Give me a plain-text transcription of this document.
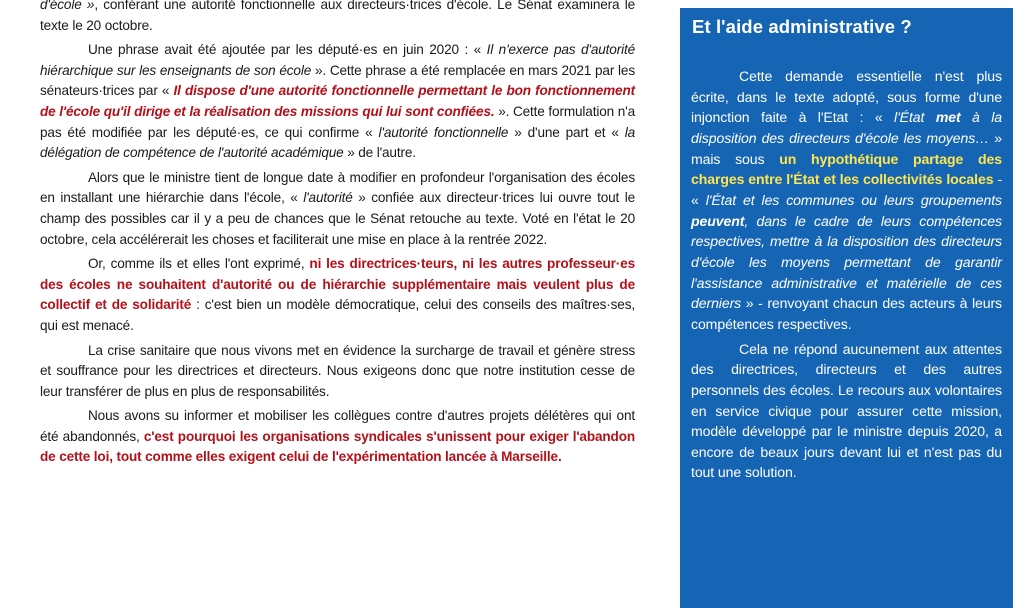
d'école », conférant une autorité fonctionnelle aux directeurs·trices d'école. Le Sénat examinera le texte le 20 octobre.

Une phrase avait été ajoutée par les député·es en juin 2020 : « Il n'exerce pas d'autorité hiérarchique sur les enseignants de son école ». Cette phrase a été remplacée en mars 2021 par les sénateurs·trices par « Il dispose d'une autorité fonctionnelle permettant le bon fonctionnement de l'école qu'il dirige et la réalisation des missions qui lui sont confiées. ». Cette formulation n'a pas été modifiée par les député·es, ce qui confirme « l'autorité fonctionnelle » d'une part et « la délégation de compétence de l'autorité académique » de l'autre.

Alors que le ministre tient de longue date à modifier en profondeur l'organisation des écoles en installant une hiérarchie dans l'école, « l'autorité » confiée aux directeur·trices lui ouvre tout le champ des possibles car il y a peu de chances que le Sénat retouche au texte. Voté en l'état le 20 octobre, cela accélérerait les choses et faciliterait une mise en place à la rentrée 2022.

Or, comme ils et elles l'ont exprimé, ni les directrices·teurs, ni les autres professeur·es des écoles ne souhaitent d'autorité ou de hiérarchie supplémentaire mais veulent plus de collectif et de solidarité : c'est bien un modèle démocratique, celui des conseils des maîtres·ses, qui est menacé.

La crise sanitaire que nous vivons met en évidence la surcharge de travail et génère stress et souffrance pour les directrices et directeurs. Nous exigeons donc que notre institution cesse de leur transférer de plus en plus de responsabilités.

Nous avons su informer et mobiliser les collègues contre d'autres projets délétères qui ont été abandonnés, c'est pourquoi les organisations syndicales s'unissent pour exiger l'abandon de cette loi, tout comme elles exigent celui de l'expérimentation lancée à Marseille.

Et l'aide administrative ?

Cette demande essentielle n'est plus écrite, dans le texte adopté, sous forme d'une injonction faite à l'Etat : « l'État met à la disposition des directeurs d'école les moyens… » mais sous un hypothétique partage des charges entre l'État et les collectivités locales - « l'État et les communes ou leurs groupements peuvent, dans le cadre de leurs compétences respectives, mettre à la disposition des directeurs d'école les moyens permettant de garantir l'assistance administrative et matérielle de ces derniers » - renvoyant chacun des acteurs à leurs compétences respectives.

Cela ne répond aucunement aux attentes des directrices, directeurs et des autres personnels des écoles. Le recours aux volontaires en service civique pour assurer cette mission, modèle développé par le ministre depuis 2020, a encore de beaux jours devant lui et n'est pas du tout une solution.
